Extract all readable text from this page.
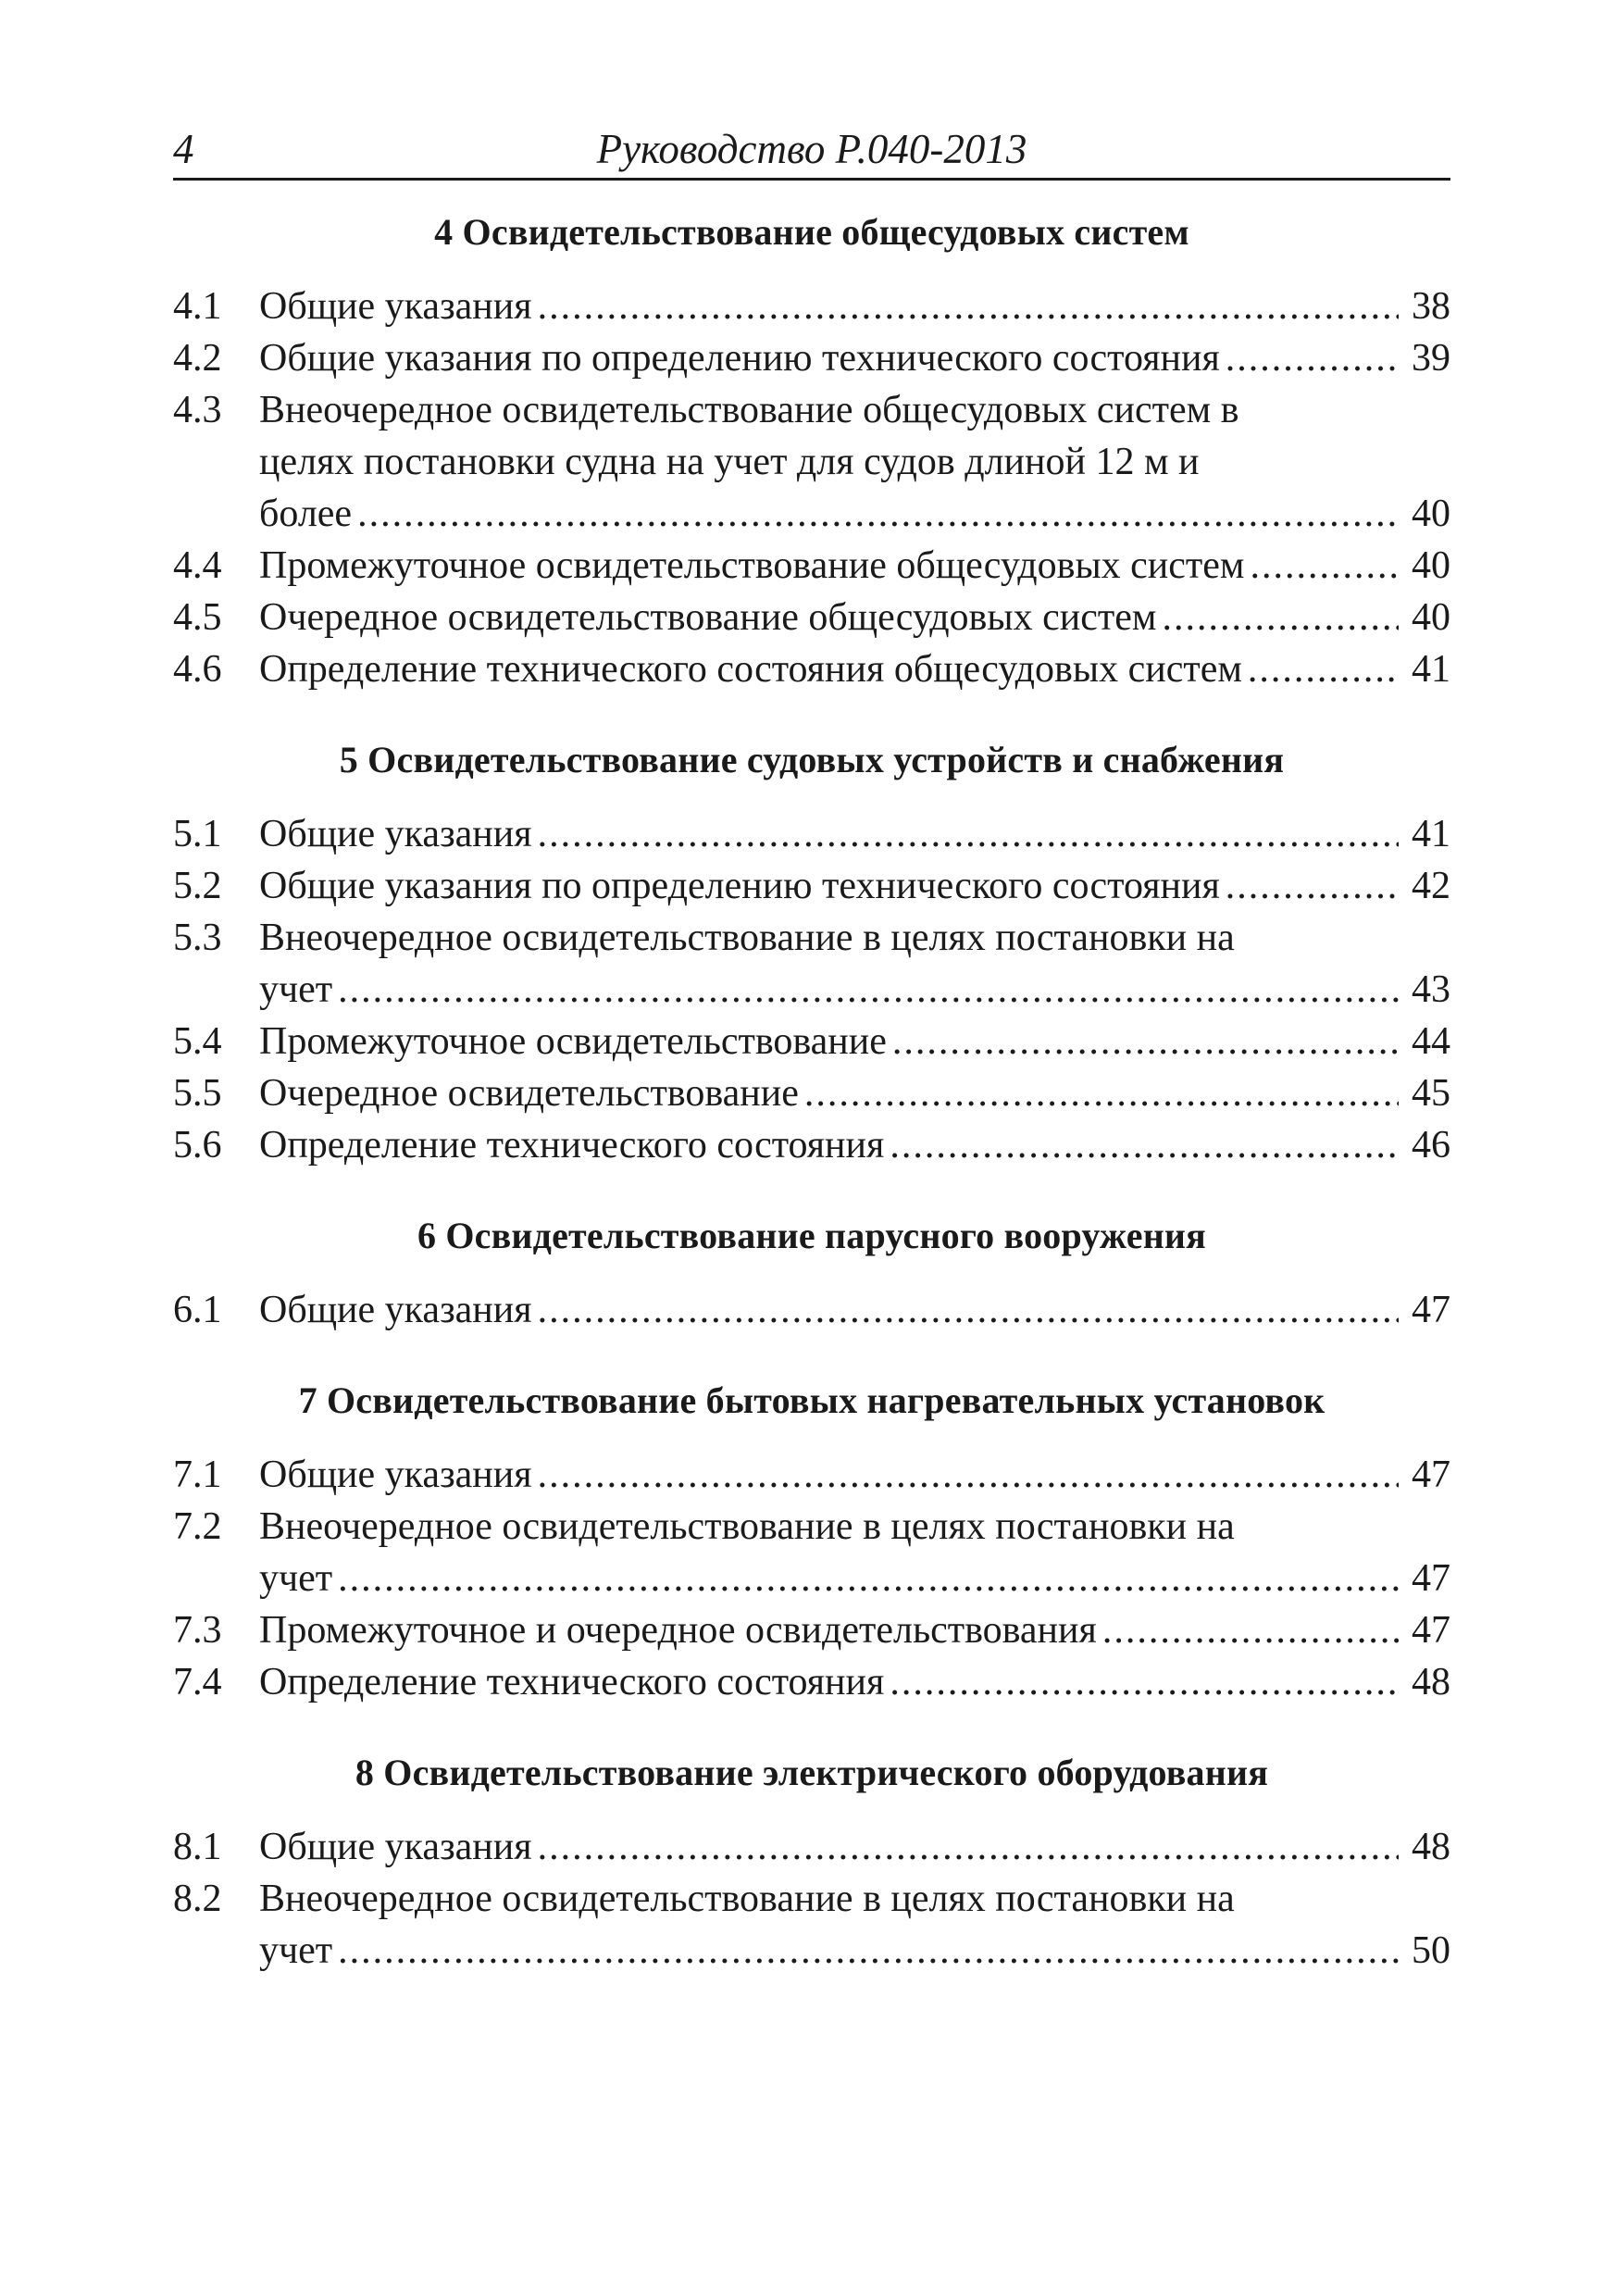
Руководство Р.040-2013
4
4 Освидетельствование общесудовых систем
4.1 Общие указания .....	38
4.2 Общие указания по определению технического состояния .....	39
4.3 Внеочередное освидетельствование общесудовых систем в
целях постановки судна на учет для судов длиной 12 м и
более .....	40
4.4 Промежуточное освидетельствование общесудовых систем .....	40
4.5 Очередное освидетельствование общесудовых систем .....	40
4.6 Определение технического состояния общесудовых систем .....	41
5 Освидетельствование судовых устройств и снабжения
5.1 Общие указания .....	41
5.2 Общие указания по определению технического состояния .....	42
5.3 Внеочередное освидетельствование в целях постановки на
учет .....	43
5.4 Промежуточное освидетельствование .....	44
5.5 Очередное освидетельствование .....	45
5.6 Определение технического состояния .....	46
6 Освидетельствование парусного вооружения
6.1 Общие указания .....	47
7 Освидетельствование бытовых нагревательных установок
7.1 Общие указания .....	47
7.2 Внеочередное освидетельствование в целях постановки на
учет .....	47
7.3 Промежуточное и очередное освидетельствования .....	47
7.4 Определение технического состояния .....	48
8 Освидетельствование электрического оборудования
8.1 Общие указания .....	48
8.2 Внеочередное освидетельствование в целях постановки на
учет .....	50
